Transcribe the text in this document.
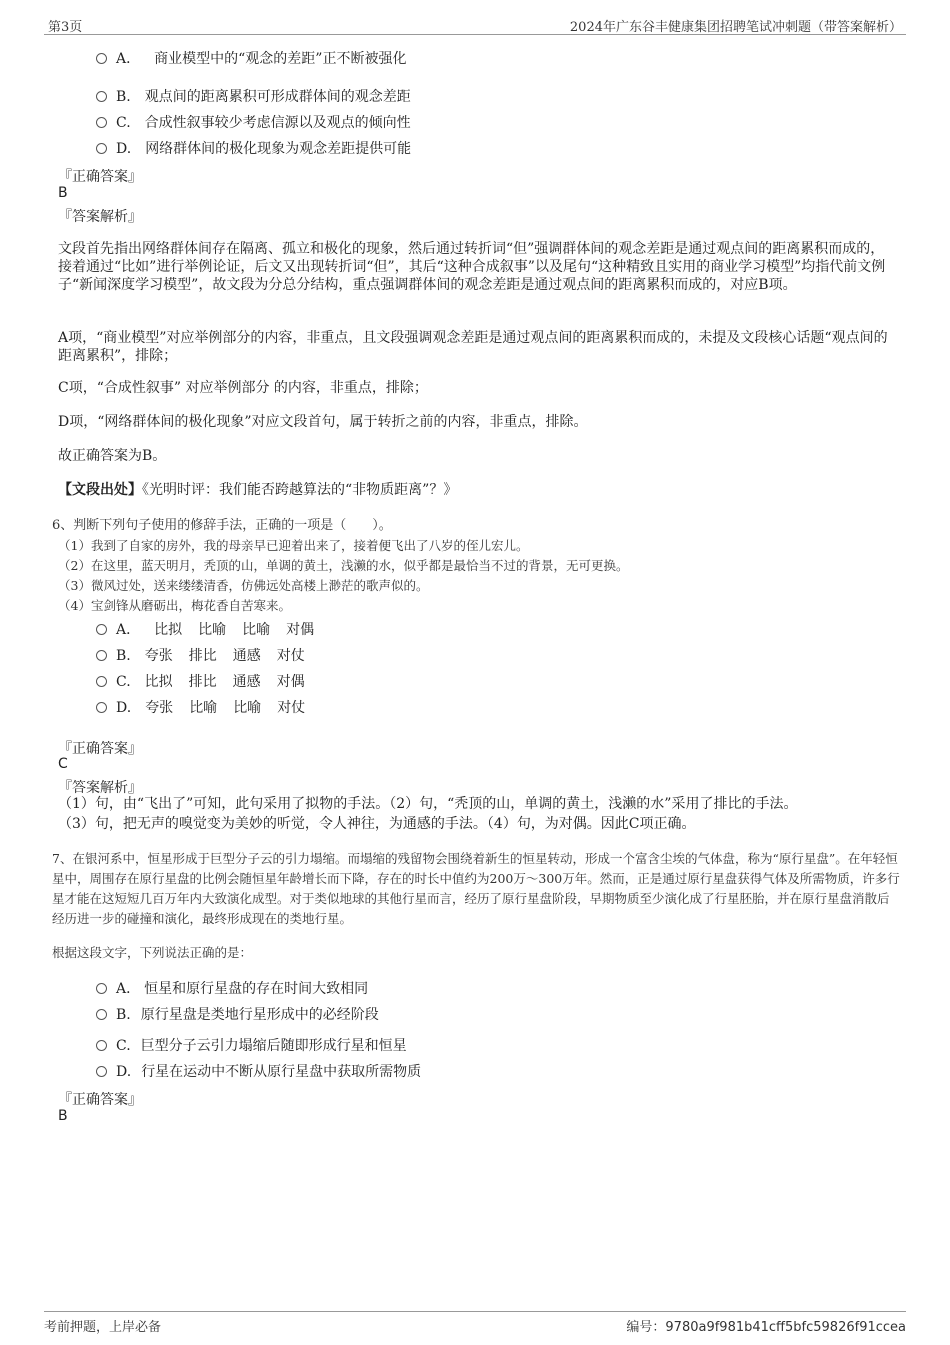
第3页	2024年广东谷丰健康集团招聘笔试冲刺题（带答案解析）
A． 商业模型中的“观念的差距”正不断被强化
B. 观点间的距离累积可形成群体间的观念差距
C. 合成性叙事较少考虑信源以及观点的倾向性
D. 网络群体间的极化现象为观念差距提供可能
『正确答案』
B
『答案解析』
文段首先指出网络群体间存在隔离、孤立和极化的现象，然后通过转折词“但”强调群体间的观念差距是通过观点间的距离累积而成的，接着通过“比如”进行举例论证，后文又出现转折词“但”，其后“这种合成叙事”以及尾句“这种精致且实用的商业学习模型”均指代前文例子“新闻深度学习模型”，故文段为分总分结构，重点强调群体间的观念差距是通过观点间的距离累积而成的，对应B项。
A项，“商业模型”对应举例部分的内容，非重点，且文段强调观念差距是通过观点间的距离累积而成的，未提及文段核心话题“观点间的距离累积”，排除；
C项，“合成性叙事” 对应举例部分 的内容，非重点，排除；
D项，“网络群体间的极化现象”对应文段首句，属于转折之前的内容，非重点，排除。
故正确答案为B。
【文段出处】《光明时评：我们能否跨越算法的“非物质距离”？》
6、判断下列句子使用的修辞手法，正确的一项是（　　）。
（1）我到了自家的房外，我的母亲早已迎着出来了，接着便飞出了八岁的侄儿宏儿。
（2）在这里，蓝天明月，秃顶的山，单调的黄土，浅濑的水，似乎都是最恰当不过的背景，无可更换。
（3）微风过处，送来缕缕清香，仿佛远处高楼上渺茫的歌声似的。
（4）宝剑锋从磨砺出，梅花香自苦寒来。
A． 比拟 比喻 比喻 对偶
B. 夸张 排比 通感 对仗
C. 比拟 排比 通感 对偶
D. 夸张 比喻 比喻 对仗
『正确答案』
C
『答案解析』
（1）句，由“飞出了”可知，此句采用了拟物的手法。（2）句，“秃顶的山，单调的黄土，浅濑的水”采用了排比的手法。
（3）句，把无声的嗅觉变为美妙的听觉，令人神往，为通感的手法。（4）句，为对偶。因此C项正确。
7、在银河系中，恒星形成于巨型分子云的引力塌缩。而塌缩的残留物会围绕着新生的恒星转动，形成一个富含尘埃的气体盘，称为“原行星盘”。在年轻恒星中，周围存在原行星盘的比例会随恒星年龄增长而下降，存在的时长中值约为200万～300万年。然而，正是通过原行星盘获得气体及所需物质，许多行星才能在这短短几百万年内大致演化成型。对于类似地球的其他行星而言，经历了原行星盘阶段，早期物质至少演化成了行星胚胎，并在原行星盘消散后经历进一步的碰撞和演化，最终形成现在的类地行星。
根据这段文字，下列说法正确的是：
A． 恒星和原行星盘的存在时间大致相同
B. 原行星盘是类地行星形成中的必经阶段
C. 巨型分子云引力塌缩后随即形成行星和恒星
D. 行星在运动中不断从原行星盘中获取所需物质
『正确答案』
B
考前押题，上岸必备	编号：9780a9f981b41cff5bfc59826f91ccea
